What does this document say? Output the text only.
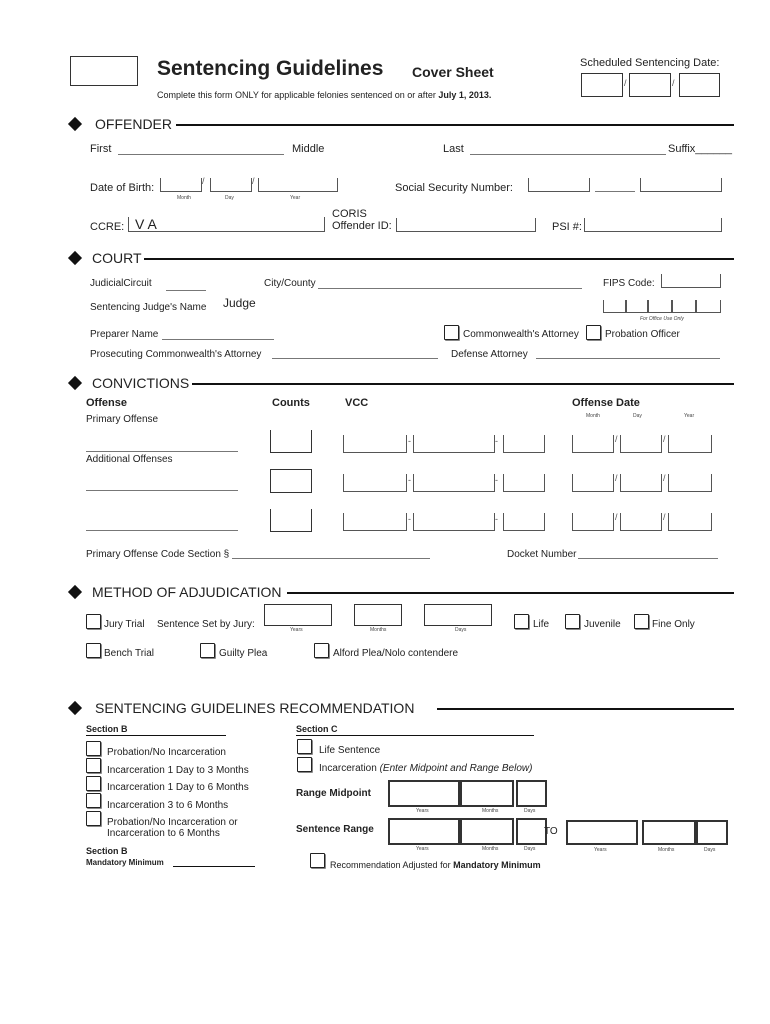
Sentencing Guidelines Cover Sheet
Complete this form ONLY for applicable felonies sentenced on or after July 1, 2013.
Scheduled Sentencing Date:
/	/
OFFENDER
First	Middle	Last	Suffix______
Date of Birth:
/	/
Month	Day	Year
Social Security Number:
CCRE: V A
CORIS
Offender ID:	PSI #:
COURT
JudicialCircuit	City/County	FIPS Code:
Sentencing Judge's Name Judge
For Office Use Only
Preparer Name	Commonwealth's Attorney	Probation Officer
Prosecuting Commonwealth's Attorney	Defense Attorney
CONVICTIONS
Offense	Counts	VCC	Offense Date
Month	Day	Year
Primary Offense
-	-	/	/
Additional Offenses
-	-	/	/
-	-	/	/
Primary Offense Code Section §	Docket Number
METHOD OF ADJUDICATION
Jury Trial Sentence Set by Jury:	Years	Months	Days	Life	Juvenile	Fine Only
Bench Trial	Guilty Plea	Alford Plea/Nolo contendere
SENTENCING GUIDELINES RECOMMENDATION
Section B	Section C
Probation/No Incarceration
Incarceration 1 Day to 3 Months
Incarceration 1 Day to 6 Months
Incarceration 3 to 6 Months
Probation/No Incarceration or
Incarceration to 6 Months
Section B
Mandatory Minimum
Life Sentence
Incarceration (Enter Midpoint and Range Below)
Range Midpoint
Years	Months	Days
Sentence Range
Years	Months	Days
TO
Years	Months	Days
Recommendation Adjusted for Mandatory Minimum
